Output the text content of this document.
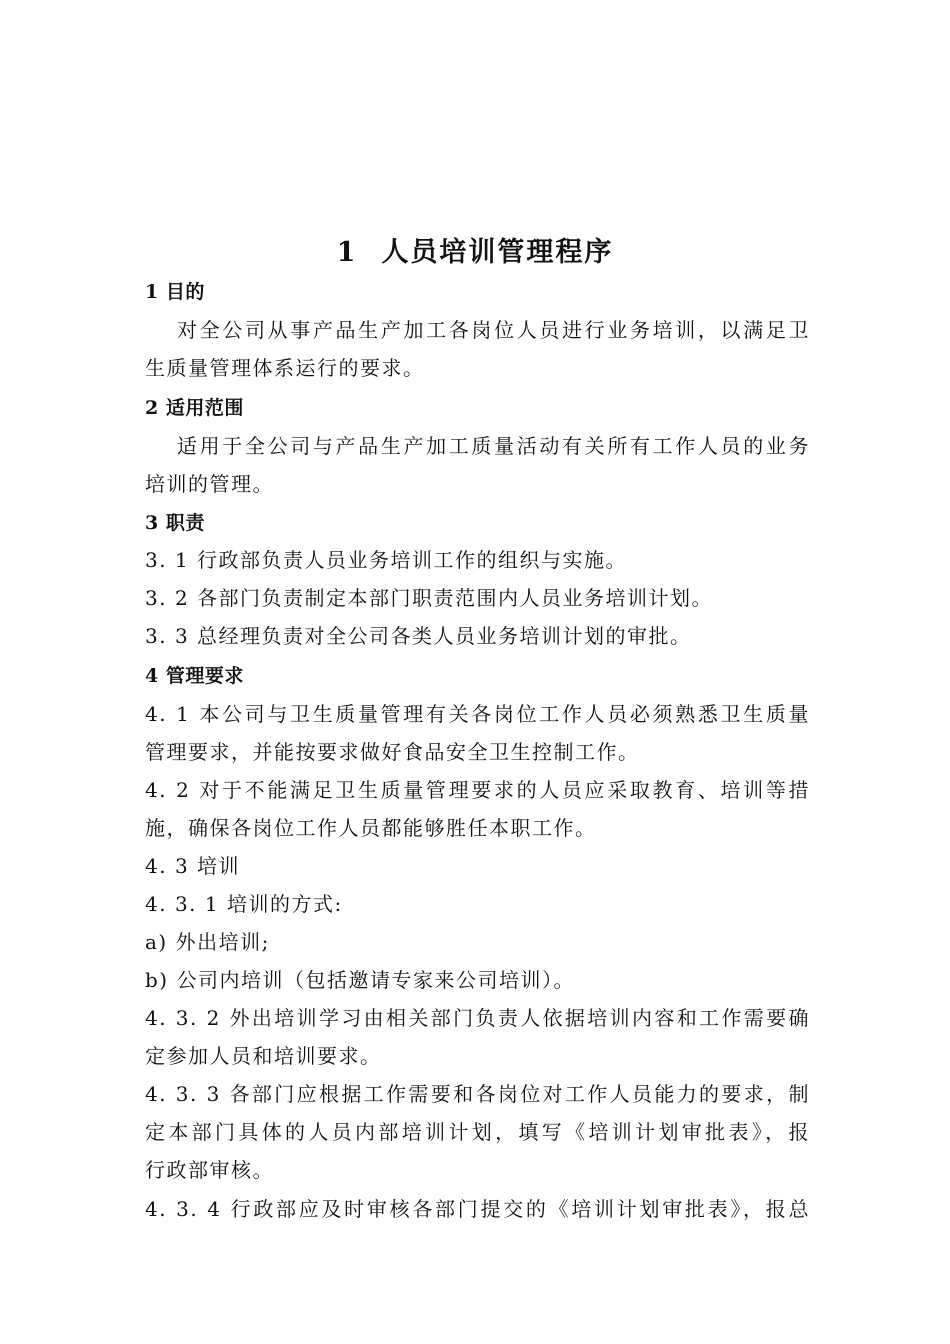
1 人员培训管理程序
1 目的
对全公司从事产品生产加工各岗位人员进行业务培训，以满足卫
生质量管理体系运行的要求。
2 适用范围
适用于全公司与产品生产加工质量活动有关所有工作人员的业务
培训的管理。
3 职责
3. 1 行政部负责人员业务培训工作的组织与实施。
3. 2 各部门负责制定本部门职责范围内人员业务培训计划。
3. 3 总经理负责对全公司各类人员业务培训计划的审批。
4 管理要求
4. 1 本公司与卫生质量管理有关各岗位工作人员必须熟悉卫生质量
管理要求，并能按要求做好食品安全卫生控制工作。
4. 2 对于不能满足卫生质量管理要求的人员应采取教育、培训等措
施，确保各岗位工作人员都能够胜任本职工作。
4. 3 培训
4. 3. 1 培训的方式:
a) 外出培训;
b) 公司内培训（包括邀请专家来公司培训）。
4. 3. 2 外出培训学习由相关部门负责人依据培训内容和工作需要确
定参加人员和培训要求。
4. 3. 3 各部门应根据工作需要和各岗位对工作人员能力的要求，制
定本部门具体的人员内部培训计划，填写《培训计划审批表》，报
行政部审核。
4. 3. 4 行政部应及时审核各部门提交的《培训计划审批表》，报总
